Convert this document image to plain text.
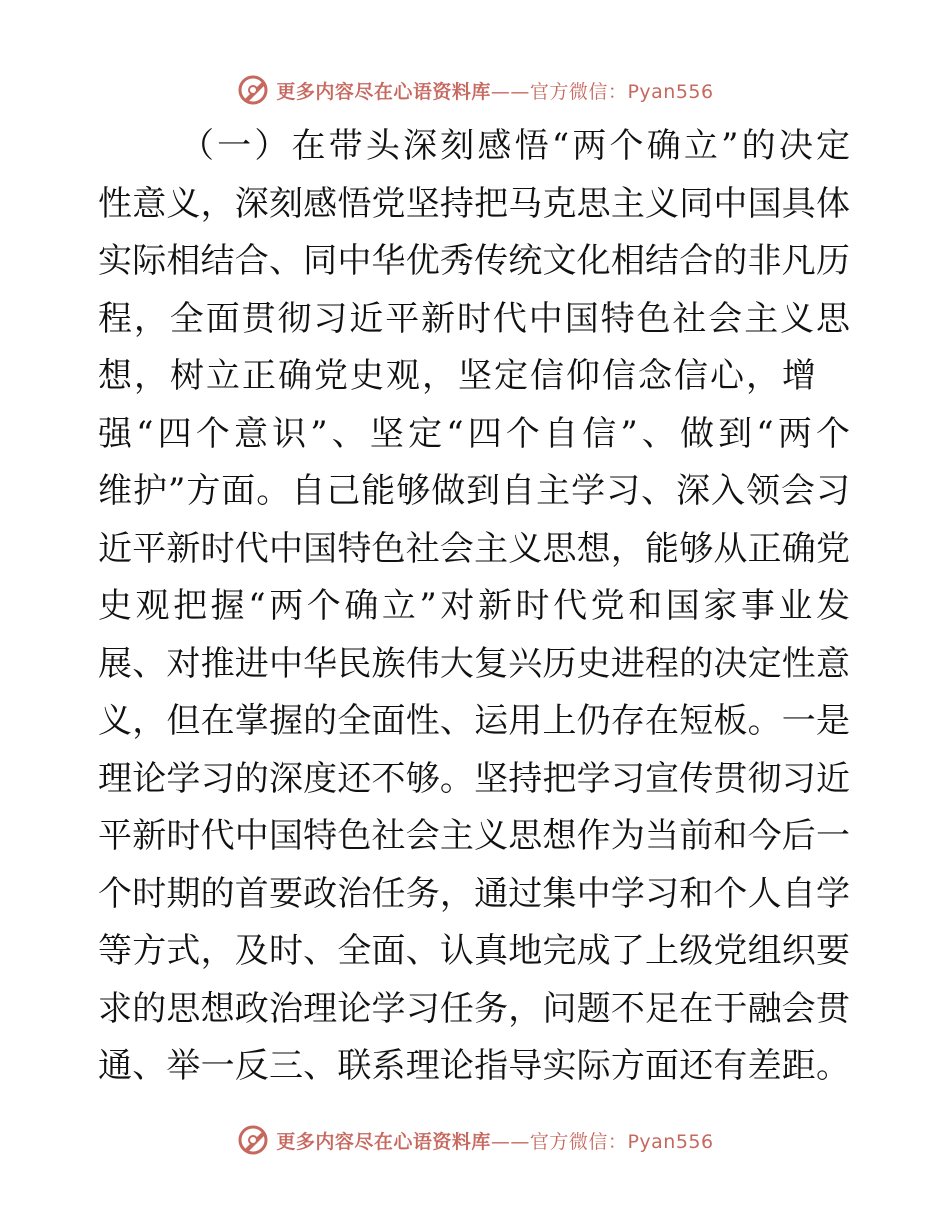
更多内容尽在心语资料库——官方微信：Pyan556
（一）在带头深刻感悟“两个确立”的决定
性意义，深刻感悟党坚持把马克思主义同中国具体
实际相结合、同中华优秀传统文化相结合的非凡历
程，全面贯彻习近平新时代中国特色社会主义思
想，树立正确党史观，坚定信仰信念信心，增
强“四个意识”、坚定“四个自信”、做到“两个
维护”方面。自己能够做到自主学习、深入领会习
近平新时代中国特色社会主义思想，能够从正确党
史观把握“两个确立”对新时代党和国家事业发
展、对推进中华民族伟大复兴历史进程的决定性意
义，但在掌握的全面性、运用上仍存在短板。一是
理论学习的深度还不够。坚持把学习宣传贯彻习近
平新时代中国特色社会主义思想作为当前和今后一
个时期的首要政治任务，通过集中学习和个人自学
等方式，及时、全面、认真地完成了上级党组织要
求的思想政治理论学习任务，问题不足在于融会贯
通、举一反三、联系理论指导实际方面还有差距。
更多内容尽在心语资料库——官方微信：Pyan556
